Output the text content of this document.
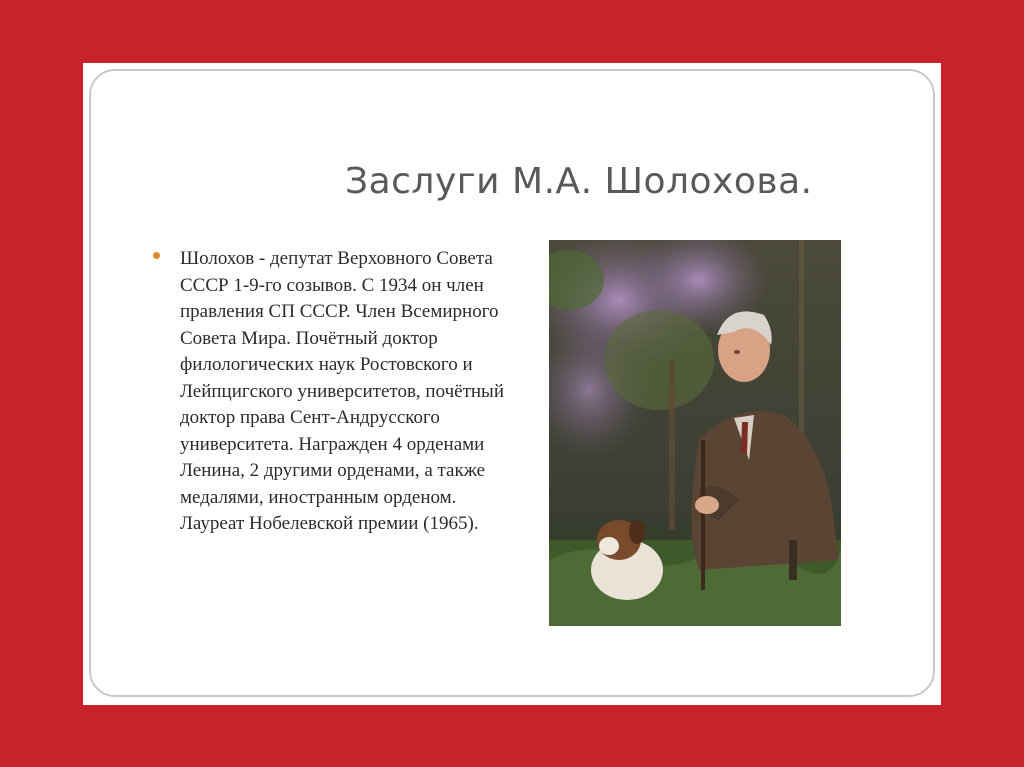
Заслуги М.А. Шолохова.
Шолохов - депутат Верховного Совета СССР 1-9-го созывов. С 1934 он член правления СП СССР. Член Всемирного Совета Мира. Почётный доктор филологических наук Ростовского и Лейпцигского университетов, почётный доктор права Сент-Андрусского университета. Награжден 4 орденами Ленина, 2 другими орденами, а также медалями, иностранным орденом. Лауреат Нобелевской премии (1965).
